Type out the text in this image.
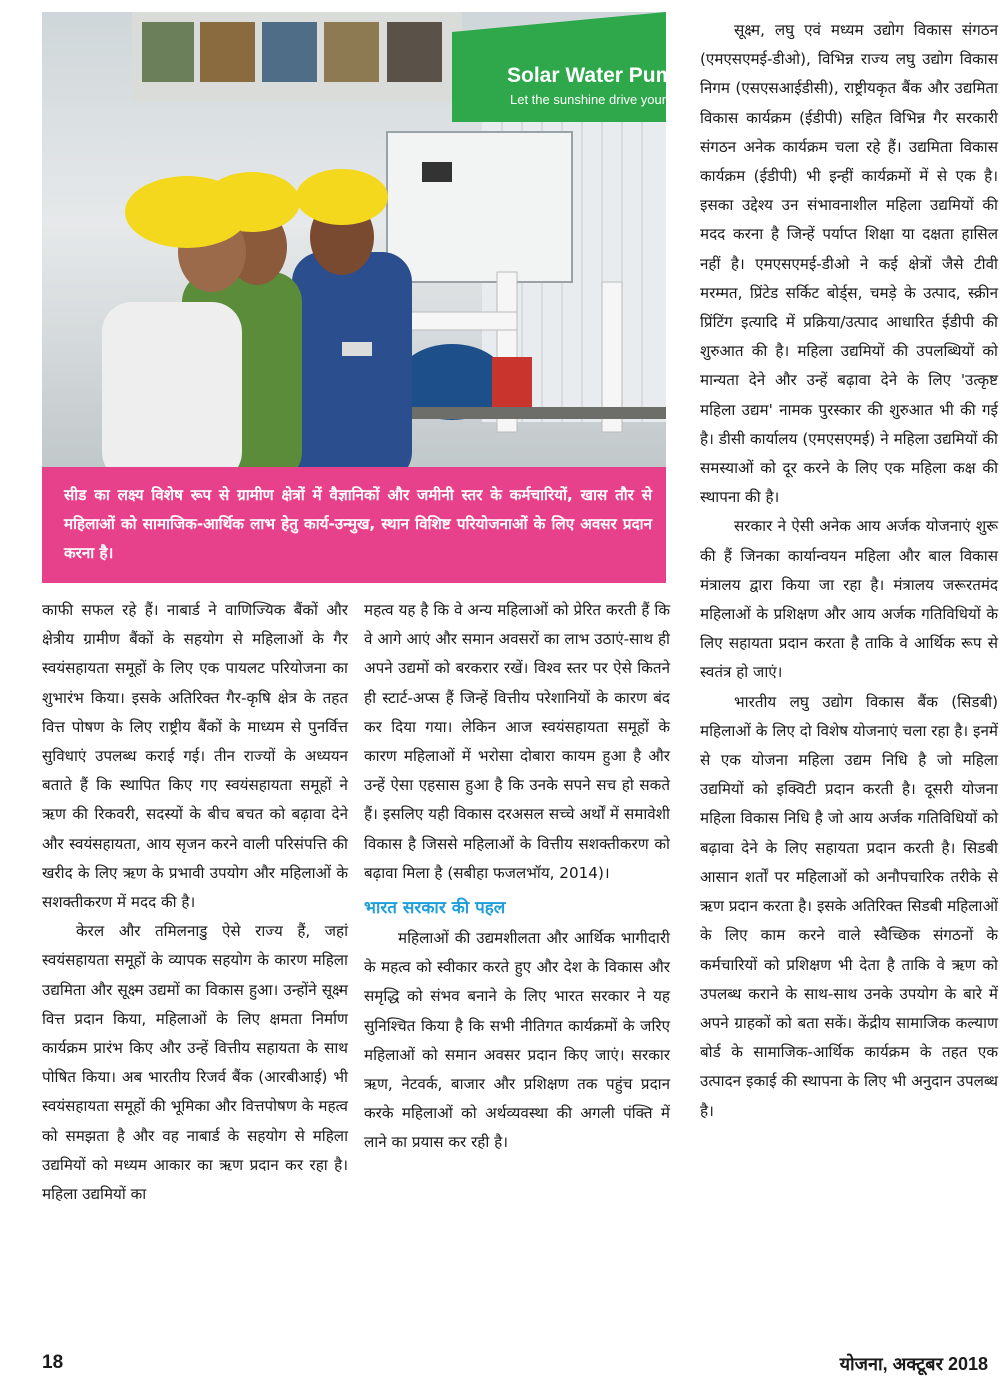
Solar Water Pumping
Let the sunshine drive your pur

सीड का लक्ष्य विशेष रूप से ग्रामीण क्षेत्रों में वैज्ञानिकों और जमीनी स्तर के कर्मचारियों, खास तौर से महिलाओं को सामाजिक-आर्थिक लाभ हेतु कार्य-उन्मुख, स्थान विशिष्ट परियोजनाओं के लिए अवसर प्रदान करना है।

काफी सफल रहे हैं। नाबार्ड ने वाणिज्यिक बैंकों और क्षेत्रीय ग्रामीण बैंकों के सहयोग से महिलाओं के गैर स्वयंसहायता समूहों के लिए एक पायलट परियोजना का शुभारंभ किया। इसके अतिरिक्त गैर-कृषि क्षेत्र के तहत वित्त पोषण के लिए राष्ट्रीय बैंकों के माध्यम से पुनर्वित्त सुविधाएं उपलब्ध कराई गई। तीन राज्यों के अध्ययन बताते हैं कि स्थापित किए गए स्वयंसहायता समूहों ने ऋण की रिकवरी, सदस्यों के बीच बचत को बढ़ावा देने और स्वयंसहायता, आय सृजन करने वाली परिसंपत्ति की खरीद के लिए ऋण के प्रभावी उपयोग और महिलाओं के सशक्तीकरण में मदद की है।

केरल और तमिलनाडु ऐसे राज्य हैं, जहां स्वयंसहायता समूहों के व्यापक सहयोग के कारण महिला उद्यमिता और सूक्ष्म उद्यमों का विकास हुआ। उन्होंने सूक्ष्म वित्त प्रदान किया, महिलाओं के लिए क्षमता निर्माण कार्यक्रम प्रारंभ किए और उन्हें वित्तीय सहायता के साथ पोषित किया। अब भारतीय रिजर्व बैंक (आरबीआई) भी स्वयंसहायता समूहों की भूमिका और वित्तपोषण के महत्व को समझता है और वह नाबार्ड के सहयोग से महिला उद्यमियों को मध्यम आकार का ऋण प्रदान कर रहा है। महिला उद्यमियों का

महत्व यह है कि वे अन्य महिलाओं को प्रेरित करती हैं कि वे आगे आएं और समान अवसरों का लाभ उठाएं-साथ ही अपने उद्यमों को बरकरार रखें। विश्व स्तर पर ऐसे कितने ही स्टार्ट-अप्स हैं जिन्हें वित्तीय परेशानियों के कारण बंद कर दिया गया। लेकिन आज स्वयंसहायता समूहों के कारण महिलाओं में भरोसा दोबारा कायम हुआ है और उन्हें ऐसा एहसास हुआ है कि उनके सपने सच हो सकते हैं। इसलिए यही विकास दरअसल सच्चे अर्थों में समावेशी विकास है जिससे महिलाओं के वित्तीय सशक्तीकरण को बढ़ावा मिला है (सबीहा फजलभॉय, 2014)।

भारत सरकार की पहल

महिलाओं की उद्यमशीलता और आर्थिक भागीदारी के महत्व को स्वीकार करते हुए और देश के विकास और समृद्धि को संभव बनाने के लिए भारत सरकार ने यह सुनिश्चित किया है कि सभी नीतिगत कार्यक्रमों के जरिए महिलाओं को समान अवसर प्रदान किए जाएं। सरकार ऋण, नेटवर्क, बाजार और प्रशिक्षण तक पहुंच प्रदान करके महिलाओं को अर्थव्यवस्था की अगली पंक्ति में लाने का प्रयास कर रही है।

सूक्ष्म, लघु एवं मध्यम उद्योग विकास संगठन (एमएसएमई-डीओ), विभिन्न राज्य लघु उद्योग विकास निगम (एसएसआईडीसी), राष्ट्रीयकृत बैंक और उद्यमिता विकास कार्यक्रम (ईडीपी) सहित विभिन्न गैर सरकारी संगठन अनेक कार्यक्रम चला रहे हैं। उद्यमिता विकास कार्यक्रम (ईडीपी) भी इन्हीं कार्यक्रमों में से एक है। इसका उद्देश्य उन संभावनाशील महिला उद्यमियों की मदद करना है जिन्हें पर्याप्त शिक्षा या दक्षता हासिल नहीं है। एमएसएमई-डीओ ने कई क्षेत्रों जैसे टीवी मरम्मत, प्रिंटेड सर्किट बोर्ड्स, चमड़े के उत्पाद, स्क्रीन प्रिंटिंग इत्यादि में प्रक्रिया/उत्पाद आधारित ईडीपी की शुरुआत की है। महिला उद्यमियों की उपलब्धियों को मान्यता देने और उन्हें बढ़ावा देने के लिए 'उत्कृष्ट महिला उद्यम' नामक पुरस्कार की शुरुआत भी की गई है। डीसी कार्यालय (एमएसएमई) ने महिला उद्यमियों की समस्याओं को दूर करने के लिए एक महिला कक्ष की स्थापना की है।

सरकार ने ऐसी अनेक आय अर्जक योजनाएं शुरू की हैं जिनका कार्यान्वयन महिला और बाल विकास मंत्रालय द्वारा किया जा रहा है। मंत्रालय जरूरतमंद महिलाओं के प्रशिक्षण और आय अर्जक गतिविधियों के लिए सहायता प्रदान करता है ताकि वे आर्थिक रूप से स्वतंत्र हो जाएं।

भारतीय लघु उद्योग विकास बैंक (सिडबी) महिलाओं के लिए दो विशेष योजनाएं चला रहा है। इनमें से एक योजना महिला उद्यम निधि है जो महिला उद्यमियों को इक्विटी प्रदान करती है। दूसरी योजना महिला विकास निधि है जो आय अर्जक गतिविधियों को बढ़ावा देने के लिए सहायता प्रदान करती है। सिडबी आसान शर्तों पर महिलाओं को अनौपचारिक तरीके से ऋण प्रदान करता है। इसके अतिरिक्त सिडबी महिलाओं के लिए काम करने वाले स्वैच्छिक संगठनों के कर्मचारियों को प्रशिक्षण भी देता है ताकि वे ऋण को उपलब्ध कराने के साथ-साथ उनके उपयोग के बारे में अपने ग्राहकों को बता सकें। केंद्रीय सामाजिक कल्याण बोर्ड के सामाजिक-आर्थिक कार्यक्रम के तहत एक उत्पादन इकाई की स्थापना के लिए भी अनुदान उपलब्ध है।

18	योजना, अक्टूबर 2018
